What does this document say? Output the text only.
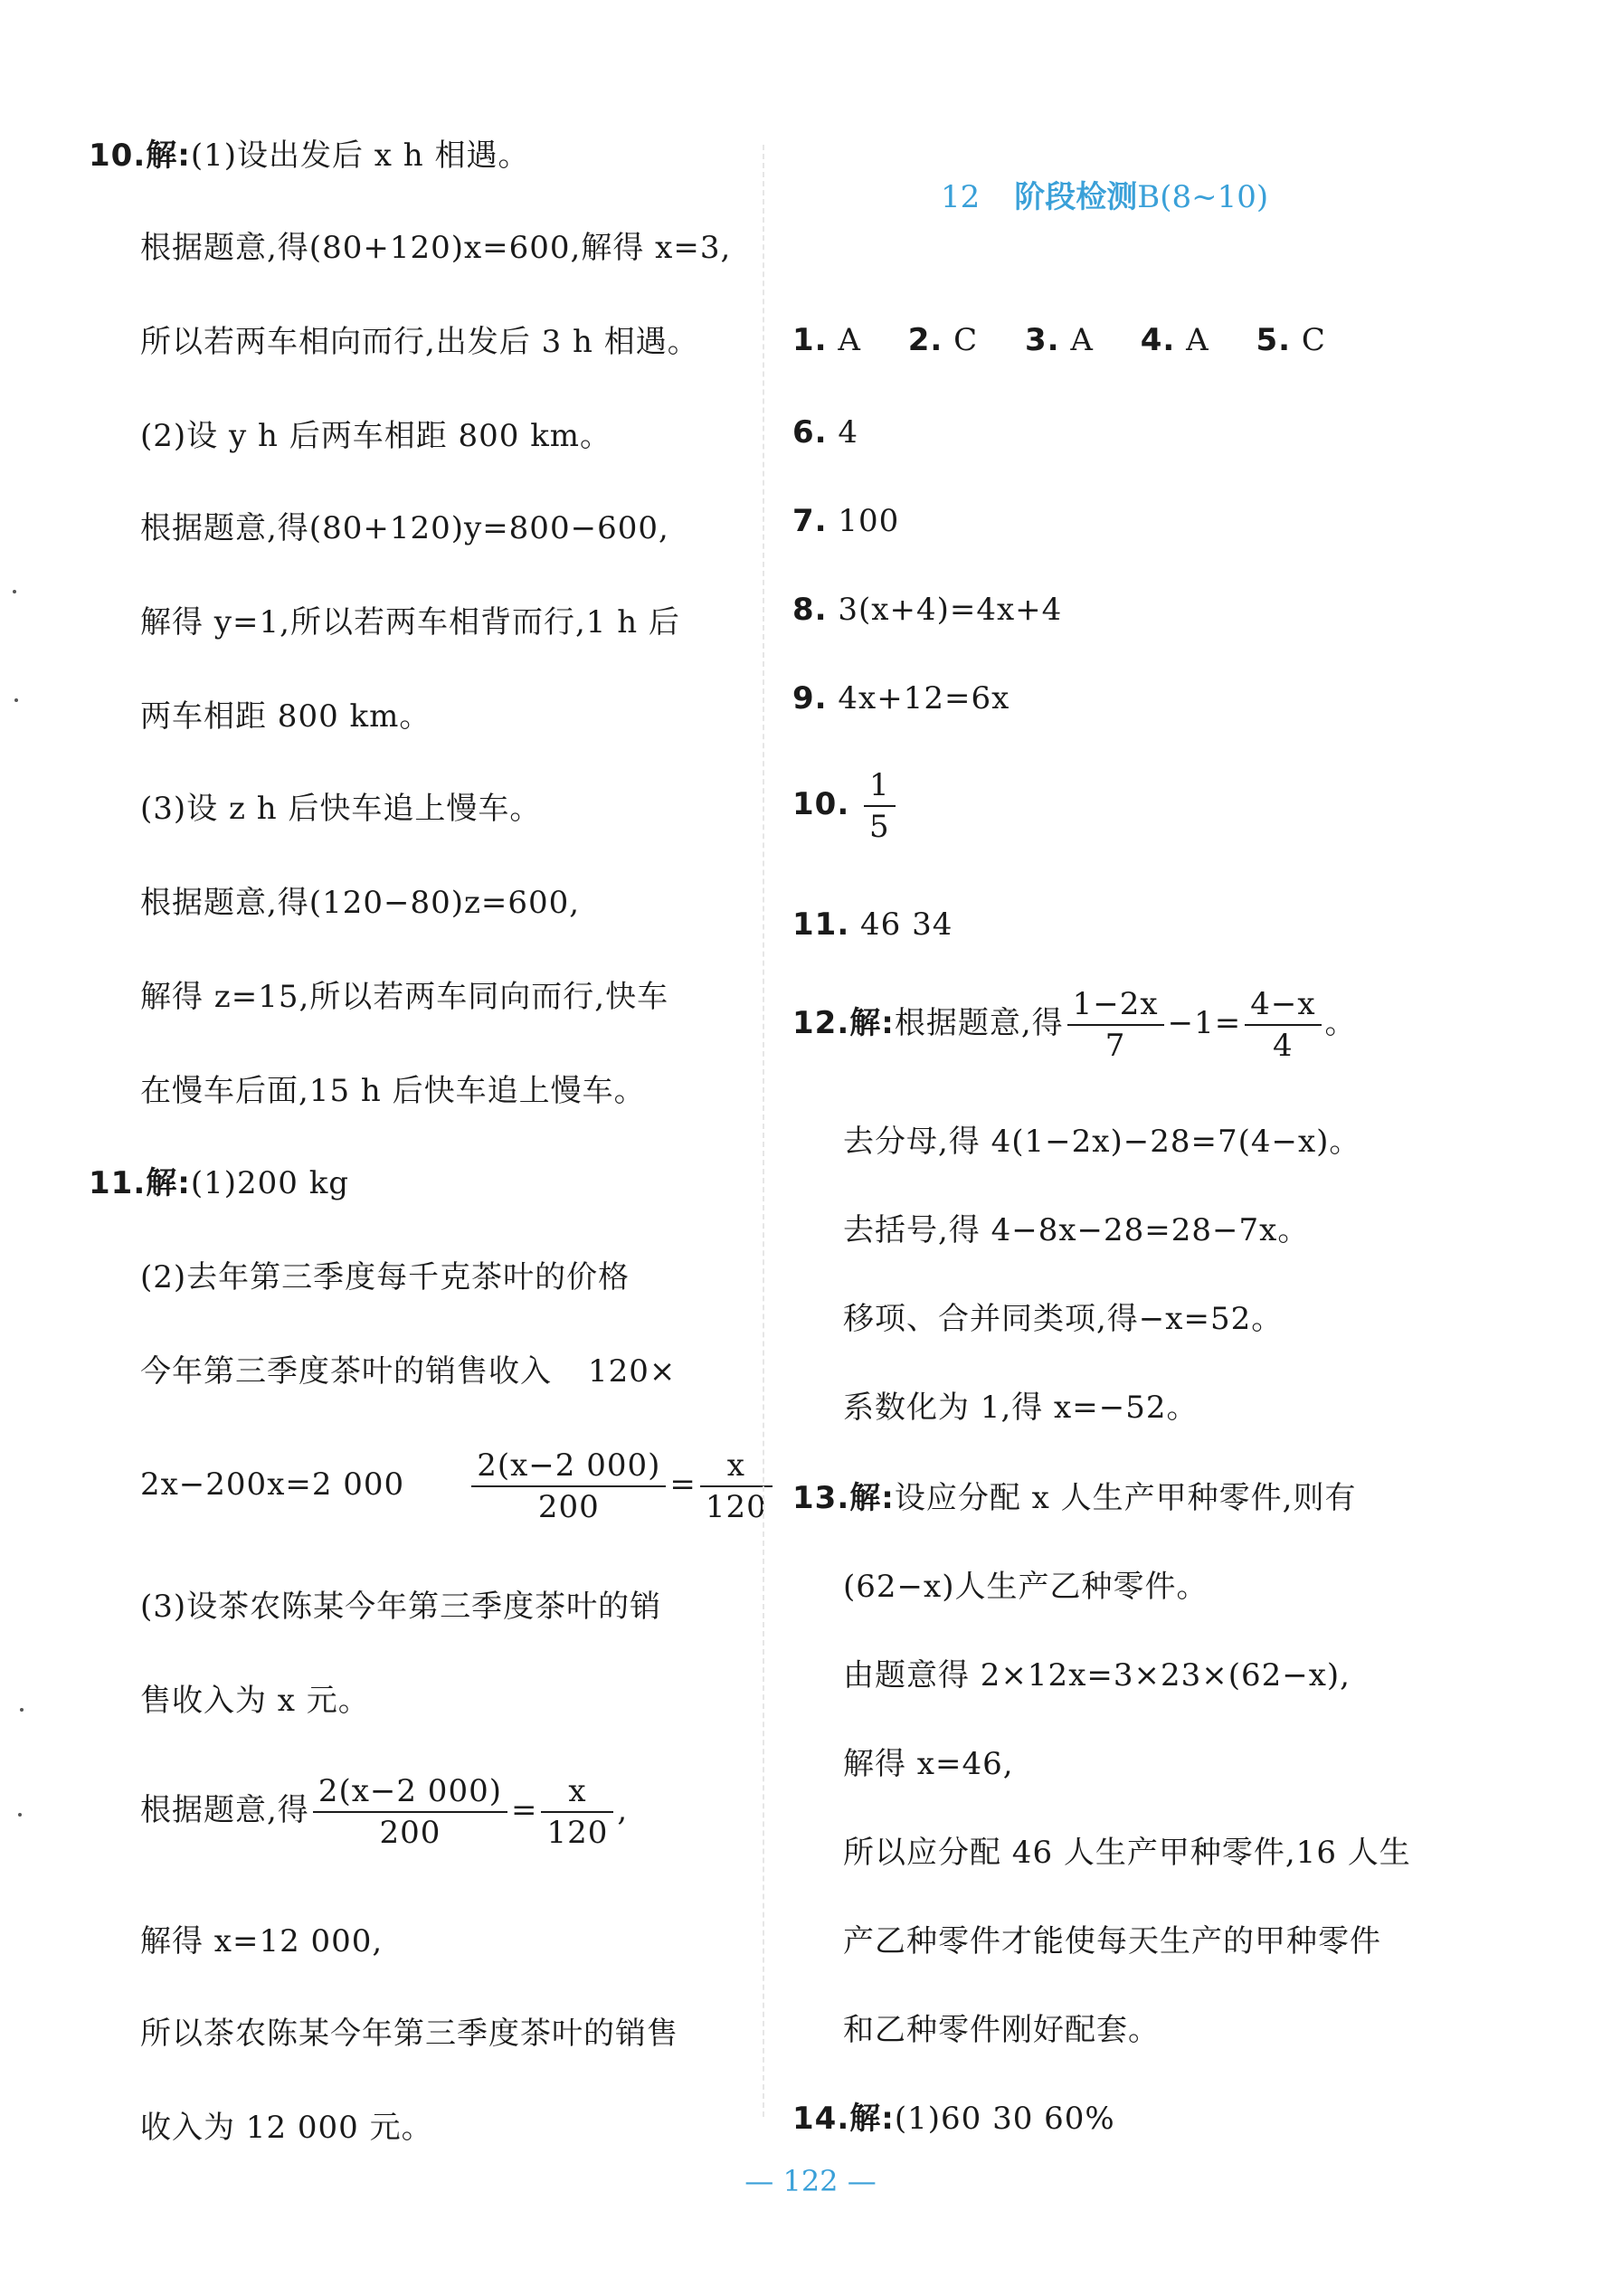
10.解:(1)设出发后 x h 相遇。
根据题意,得(80+120)x=600,解得 x=3,
所以若两车相向而行,出发后 3 h 相遇。
(2)设 y h 后两车相距 800 km。
根据题意,得(80+120)y=800−600,
解得 y=1,所以若两车相背而行,1 h 后
两车相距 800 km。
(3)设 z h 后快车追上慢车。
根据题意,得(120−80)z=600,
解得 z=15,所以若两车同向而行,快车
在慢车后面,15 h 后快车追上慢车。
11.解:(1)200 kg
(2)去年第三季度每千克茶叶的价格
今年第三季度茶叶的销售收入 120×
2x−200x=2 $000 \frac{2(x-2 000)}{200} = \frac{x}{120}$
(3)设茶农陈某今年第三季度茶叶的销
售收入为 x 元。
根据题意,得 $\frac{2(x-2 000)}{200} = \frac{x}{120}$ ,
解得 x=12 000,
所以茶农陈某今年第三季度茶叶的销售
收入为 12 000 元。
12 阶段检测B(8~10)
1. A 2. C 3. A 4. A 5. C
6. 4
7. 100
8. 3(x+4)=4x+4
9. 4x+12=6x
10. $\frac{1}{5}$
11. 46 34
12.解:根据题意,得 $\frac{1-2x}{7} -1= \frac{4-x}{4}$ 。
去分母,得 4(1−2x)−28=7(4−x)。
去括号,得 4−8x−28=28−7x。
移项、合并同类项,得−x=52。
系数化为 1,得 x=−52。
13.解:设应分配 x 人生产甲种零件,则有
(62−x)人生产乙种零件。
由题意得 2×12x=3×23×(62−x),
解得 x=46,
所以应分配 46 人生产甲种零件,16 人生
产乙种零件才能使每天生产的甲种零件
和乙种零件刚好配套。
14.解:(1)60 30 60%
— 122 —
